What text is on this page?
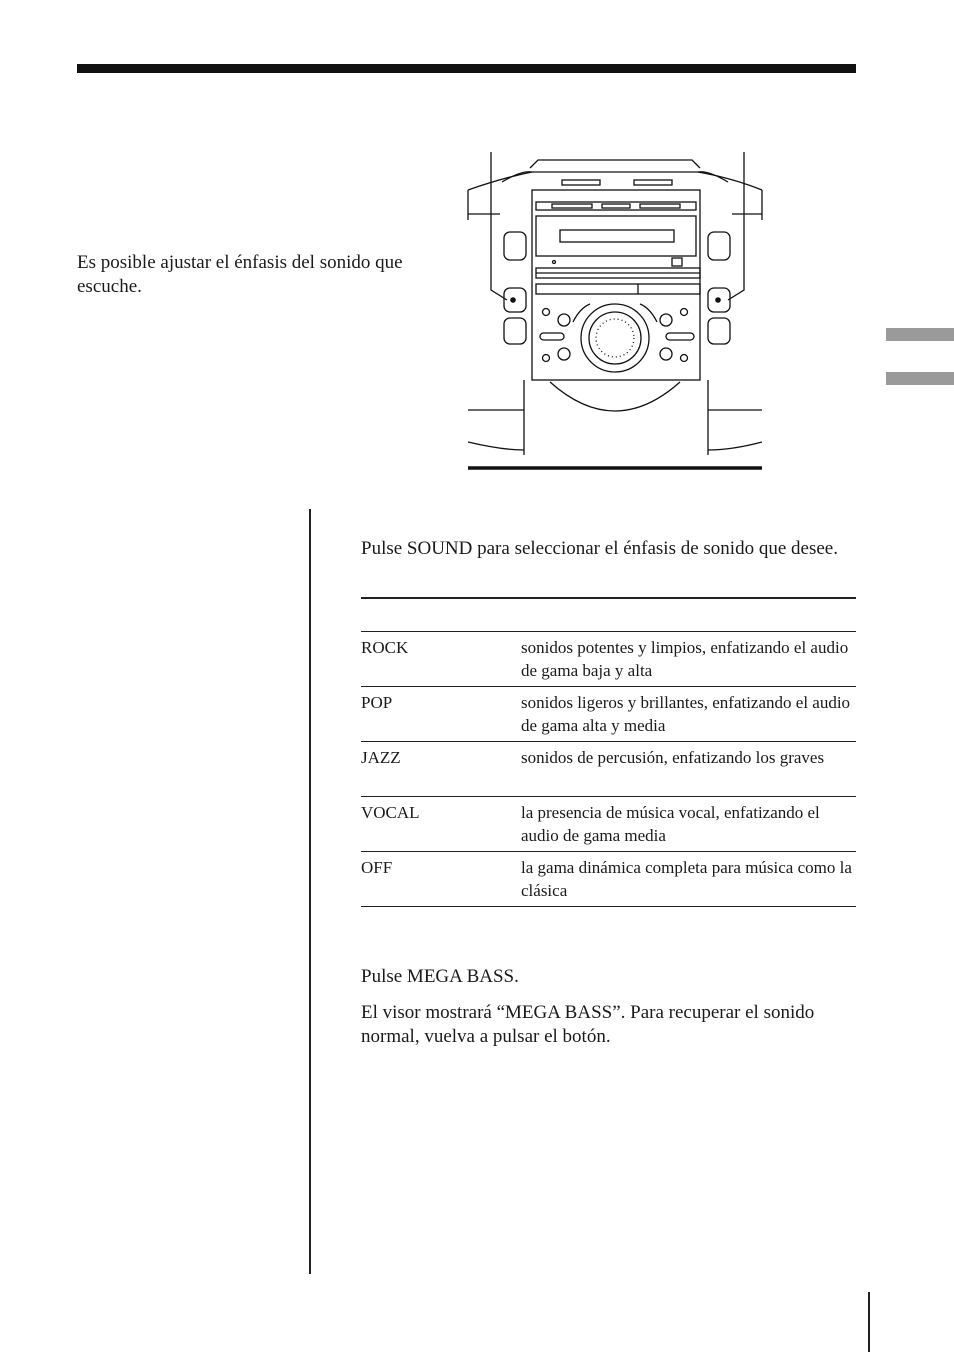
Es posible ajustar el énfasis del sonido que escuche.

Pulse SOUND para seleccionar el énfasis de sonido que desee.

ROCK	sonidos potentes y limpios, enfatizando el audio de gama baja y alta
POP	sonidos ligeros y brillantes, enfatizando el audio de gama alta y media
JAZZ	sonidos de percusión, enfatizando los graves
VOCAL	la presencia de música vocal, enfatizando el audio de gama media
OFF	la gama dinámica completa para música como la clásica

Pulse MEGA BASS.

El visor mostrará “MEGA BASS”. Para recuperar el sonido normal, vuelva a pulsar el botón.
